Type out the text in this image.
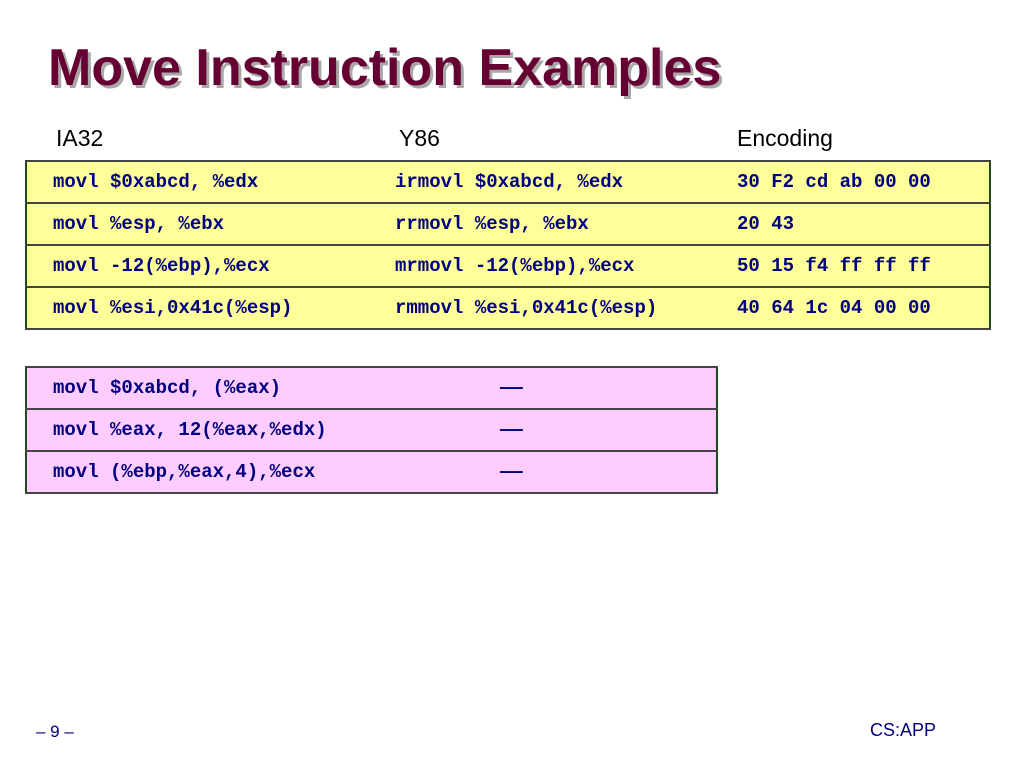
Move Instruction Examples
IA32	Y86	Encoding
movl $0xabcd, %edx	irmovl $0xabcd, %edx	30 F2 cd ab 00 00
movl %esp, %ebx	rrmovl %esp, %ebx	20 43
movl -12(%ebp),%ecx	mrmovl -12(%ebp),%ecx	50 15 f4 ff ff ff
movl %esi,0x41c(%esp)	rmmovl %esi,0x41c(%esp)	40 64 1c 04 00 00
movl $0xabcd, (%eax)	——
movl %eax, 12(%eax,%edx)	——
movl (%ebp,%eax,4),%ecx	——
– 9 –	CS:APP
